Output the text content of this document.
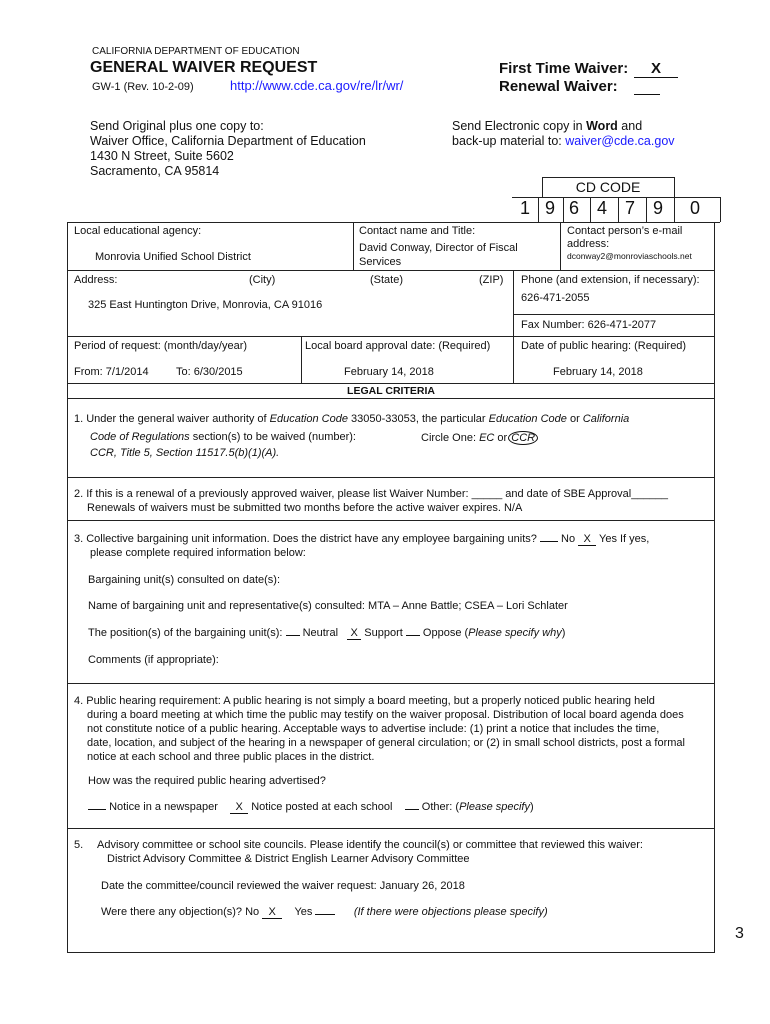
CALIFORNIA DEPARTMENT OF EDUCATION
GENERAL WAIVER REQUEST
GW-1 (Rev. 10-2-09)	http://www.cde.ca.gov/re/lr/wr/
First Time Waiver:	X
Renewal Waiver:
Send Original plus one copy to:
Waiver Office, California Department of Education
1430 N Street, Suite 5602
Sacramento, CA 95814
Send Electronic copy in Word and
back-up material to: waiver@cde.ca.gov
CD CODE
1 9 6 4 7 9	0
Local educational agency:
Monrovia Unified School District
Contact name and Title:
David Conway, Director of Fiscal Services
Contact person’s e-mail address:
dconway2@monroviaschools.net
Address:	(City)	(State)	(ZIP)
325 East Huntington Drive, Monrovia, CA 91016
Phone (and extension, if necessary):
626-471-2055
Fax Number: 626-471-2077
Period of request: (month/day/year)
From: 7/1/2014 To: 6/30/2015
Local board approval date: (Required)
February 14, 2018
Date of public hearing: (Required)
February 14, 2018
LEGAL CRITERIA
1. Under the general waiver authority of Education Code 33050-33053, the particular Education Code or California
Code of Regulations section(s) to be waived (number):	Circle One: EC or CCR
CCR, Title 5, Section 11517.5(b)(1)(A).
2. If this is a renewal of a previously approved waiver, please list Waiver Number: _____ and date of SBE Approval______
Renewals of waivers must be submitted two months before the active waiver expires. N/A
3. Collective bargaining unit information. Does the district have any employee bargaining units? No X Yes If yes,
please complete required information below:
Bargaining unit(s) consulted on date(s):
Name of bargaining unit and representative(s) consulted: MTA – Anne Battle; CSEA – Lori Schlater
The position(s) of the bargaining unit(s): Neutral X Support Oppose (Please specify why)
Comments (if appropriate):
4. Public hearing requirement: A public hearing is not simply a board meeting, but a properly noticed public hearing held
during a board meeting at which time the public may testify on the waiver proposal. Distribution of local board agenda does
not constitute notice of a public hearing. Acceptable ways to advertise include: (1) print a notice that includes the time,
date, location, and subject of the hearing in a newspaper of general circulation; or (2) in small school districts, post a formal
notice at each school and three public places in the district.
How was the required public hearing advertised?
Notice in a newspaper X Notice posted at each school	Other: (Please specify)
5. Advisory committee or school site councils. Please identify the council(s) or committee that reviewed this waiver:
District Advisory Committee & District English Learner Advisory Committee
Date the committee/council reviewed the waiver request: January 26, 2018
Were there any objection(s)? No X Yes	(If there were objections please specify)
3
